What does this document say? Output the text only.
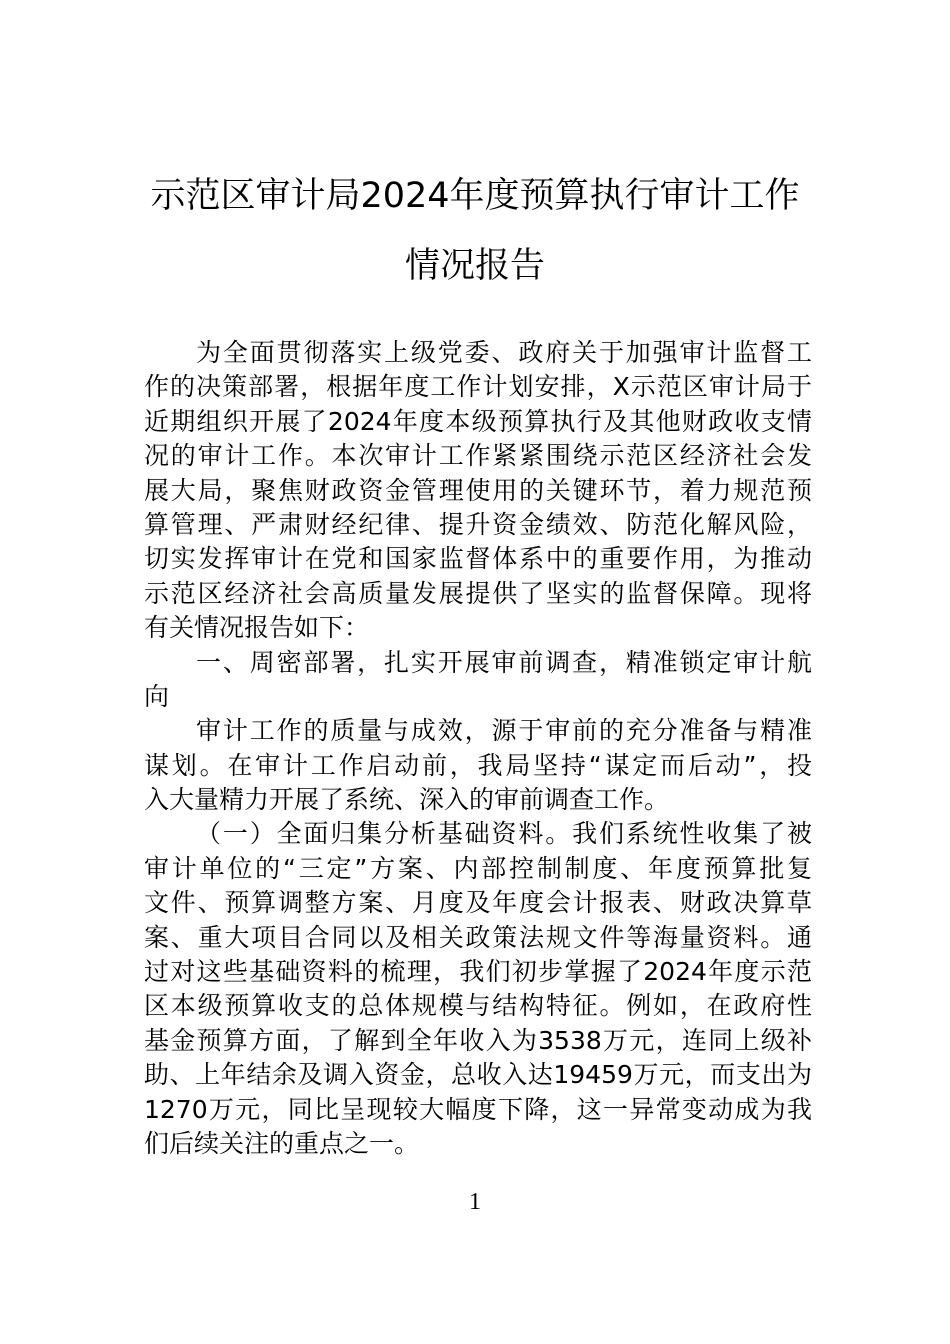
示范区审计局2024年度预算执行审计工作
情况报告
为全面贯彻落实上级党委、政府关于加强审计监督工
作的决策部署，根据年度工作计划安排，X示范区审计局于
近期组织开展了2024年度本级预算执行及其他财政收支情
况的审计工作。本次审计工作紧紧围绕示范区经济社会发
展大局，聚焦财政资金管理使用的关键环节，着力规范预
算管理、严肃财经纪律、提升资金绩效、防范化解风险，
切实发挥审计在党和国家监督体系中的重要作用，为推动
示范区经济社会高质量发展提供了坚实的监督保障。现将
有关情况报告如下：
一、周密部署，扎实开展审前调查，精准锁定审计航
向
审计工作的质量与成效，源于审前的充分准备与精准
谋划。在审计工作启动前，我局坚持“谋定而后动”，投
入大量精力开展了系统、深入的审前调查工作。
（一）全面归集分析基础资料。我们系统性收集了被
审计单位的“三定”方案、内部控制制度、年度预算批复
文件、预算调整方案、月度及年度会计报表、财政决算草
案、重大项目合同以及相关政策法规文件等海量资料。通
过对这些基础资料的梳理，我们初步掌握了2024年度示范
区本级预算收支的总体规模与结构特征。例如，在政府性
基金预算方面，了解到全年收入为3538万元，连同上级补
助、上年结余及调入资金，总收入达19459万元，而支出为
1270万元，同比呈现较大幅度下降，这一异常变动成为我
们后续关注的重点之一。
1
